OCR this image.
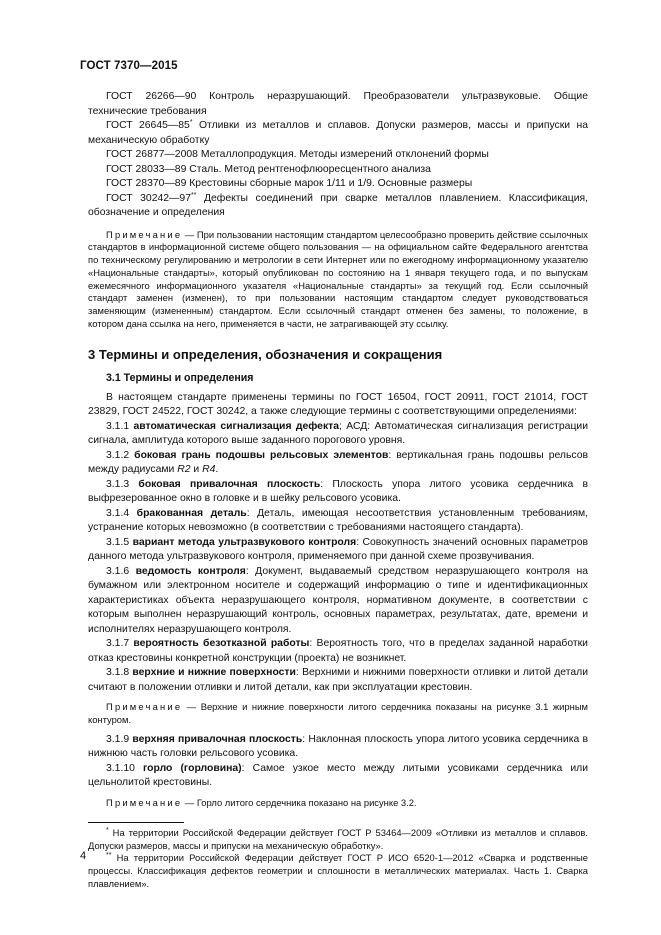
ГОСТ 7370—2015

ГОСТ 26266—90 Контроль неразрушающий. Преобразователи ультразвуковые. Общие технические требования

ГОСТ 26645—85* Отливки из металлов и сплавов. Допуски размеров, массы и припуски на механическую обработку

ГОСТ 26877—2008 Металлопродукция. Методы измерений отклонений формы

ГОСТ 28033—89 Сталь. Метод рентгенофлюоресцентного анализа

ГОСТ 28370—89 Крестовины сборные марок 1/11 и 1/9. Основные размеры

ГОСТ 30242—97** Дефекты соединений при сварке металлов плавлением. Классификация, обозначение и определения

Примечание — При пользовании настоящим стандартом целесообразно проверить действие ссылочных стандартов в информационной системе общего пользования — на официальном сайте Федерального агентства по техническому регулированию и метрологии в сети Интернет или по ежегодному информационному указателю «Национальные стандарты», который опубликован по состоянию на 1 января текущего года, и по выпускам ежемесячного информационного указателя «Национальные стандарты» за текущий год. Если ссылочный стандарт заменен (изменен), то при пользовании настоящим стандартом следует руководствоваться заменяющим (измененным) стандартом. Если ссылочный стандарт отменен без замены, то положение, в котором дана ссылка на него, применяется в части, не затрагивающей эту ссылку.

3 Термины и определения, обозначения и сокращения
3.1 Термины и определения

В настоящем стандарте применены термины по ГОСТ 16504, ГОСТ 20911, ГОСТ 21014, ГОСТ 23829, ГОСТ 24522, ГОСТ 30242, а также следующие термины с соответствующими определениями:

3.1.1 автоматическая сигнализация дефекта; АСД: Автоматическая сигнализация регистрации сигнала, амплитуда которого выше заданного порогового уровня.

3.1.2 боковая грань подошвы рельсовых элементов: вертикальная грань подошвы рельсов между радиусами R2 и R4.

3.1.3 боковая привалочная плоскость: Плоскость упора литого усовика сердечника в выфрезерованное окно в головке и в шейку рельсового усовика.

3.1.4 бракованная деталь: Деталь, имеющая несоответствия установленным требованиям, устранение которых невозможно (в соответствии с требованиями настоящего стандарта).

3.1.5 вариант метода ультразвукового контроля: Совокупность значений основных параметров данного метода ультразвукового контроля, применяемого при данной схеме прозвучивания.

3.1.6 ведомость контроля: Документ, выдаваемый средством неразрушающего контроля на бумажном или электронном носителе и содержащий информацию о типе и идентификационных характеристиках объекта неразрушающего контроля, нормативном документе, в соответствии с которым выполнен неразрушающий контроль, основных параметрах, результатах, дате, времени и исполнителях неразрушающего контроля.

3.1.7 вероятность безотказной работы: Вероятность того, что в пределах заданной наработки отказ крестовины конкретной конструкции (проекта) не возникнет.

3.1.8 верхние и нижние поверхности: Верхними и нижними поверхности отливки и литой детали считают в положении отливки и литой детали, как при эксплуатации крестовин.

Примечание — Верхние и нижние поверхности литого сердечника показаны на рисунке 3.1 жирным контуром.

3.1.9 верхняя привалочная плоскость: Наклонная плоскость упора литого усовика сердечника в нижнюю часть головки рельсового усовика.

3.1.10 горло (горловина): Самое узкое место между литыми усовиками сердечника или цельнолитой крестовины.

Примечание — Горло литого сердечника показано на рисунке 3.2.

* На территории Российской Федерации действует ГОСТ Р 53464—2009 «Отливки из металлов и сплавов. Допуски размеров, массы и припуски на механическую обработку».

** На территории Российской Федерации действует ГОСТ Р ИСО 6520-1—2012 «Сварка и родственные процессы. Классификация дефектов геометрии и сплошности в металлических материалах. Часть 1. Сварка плавлением».

4
